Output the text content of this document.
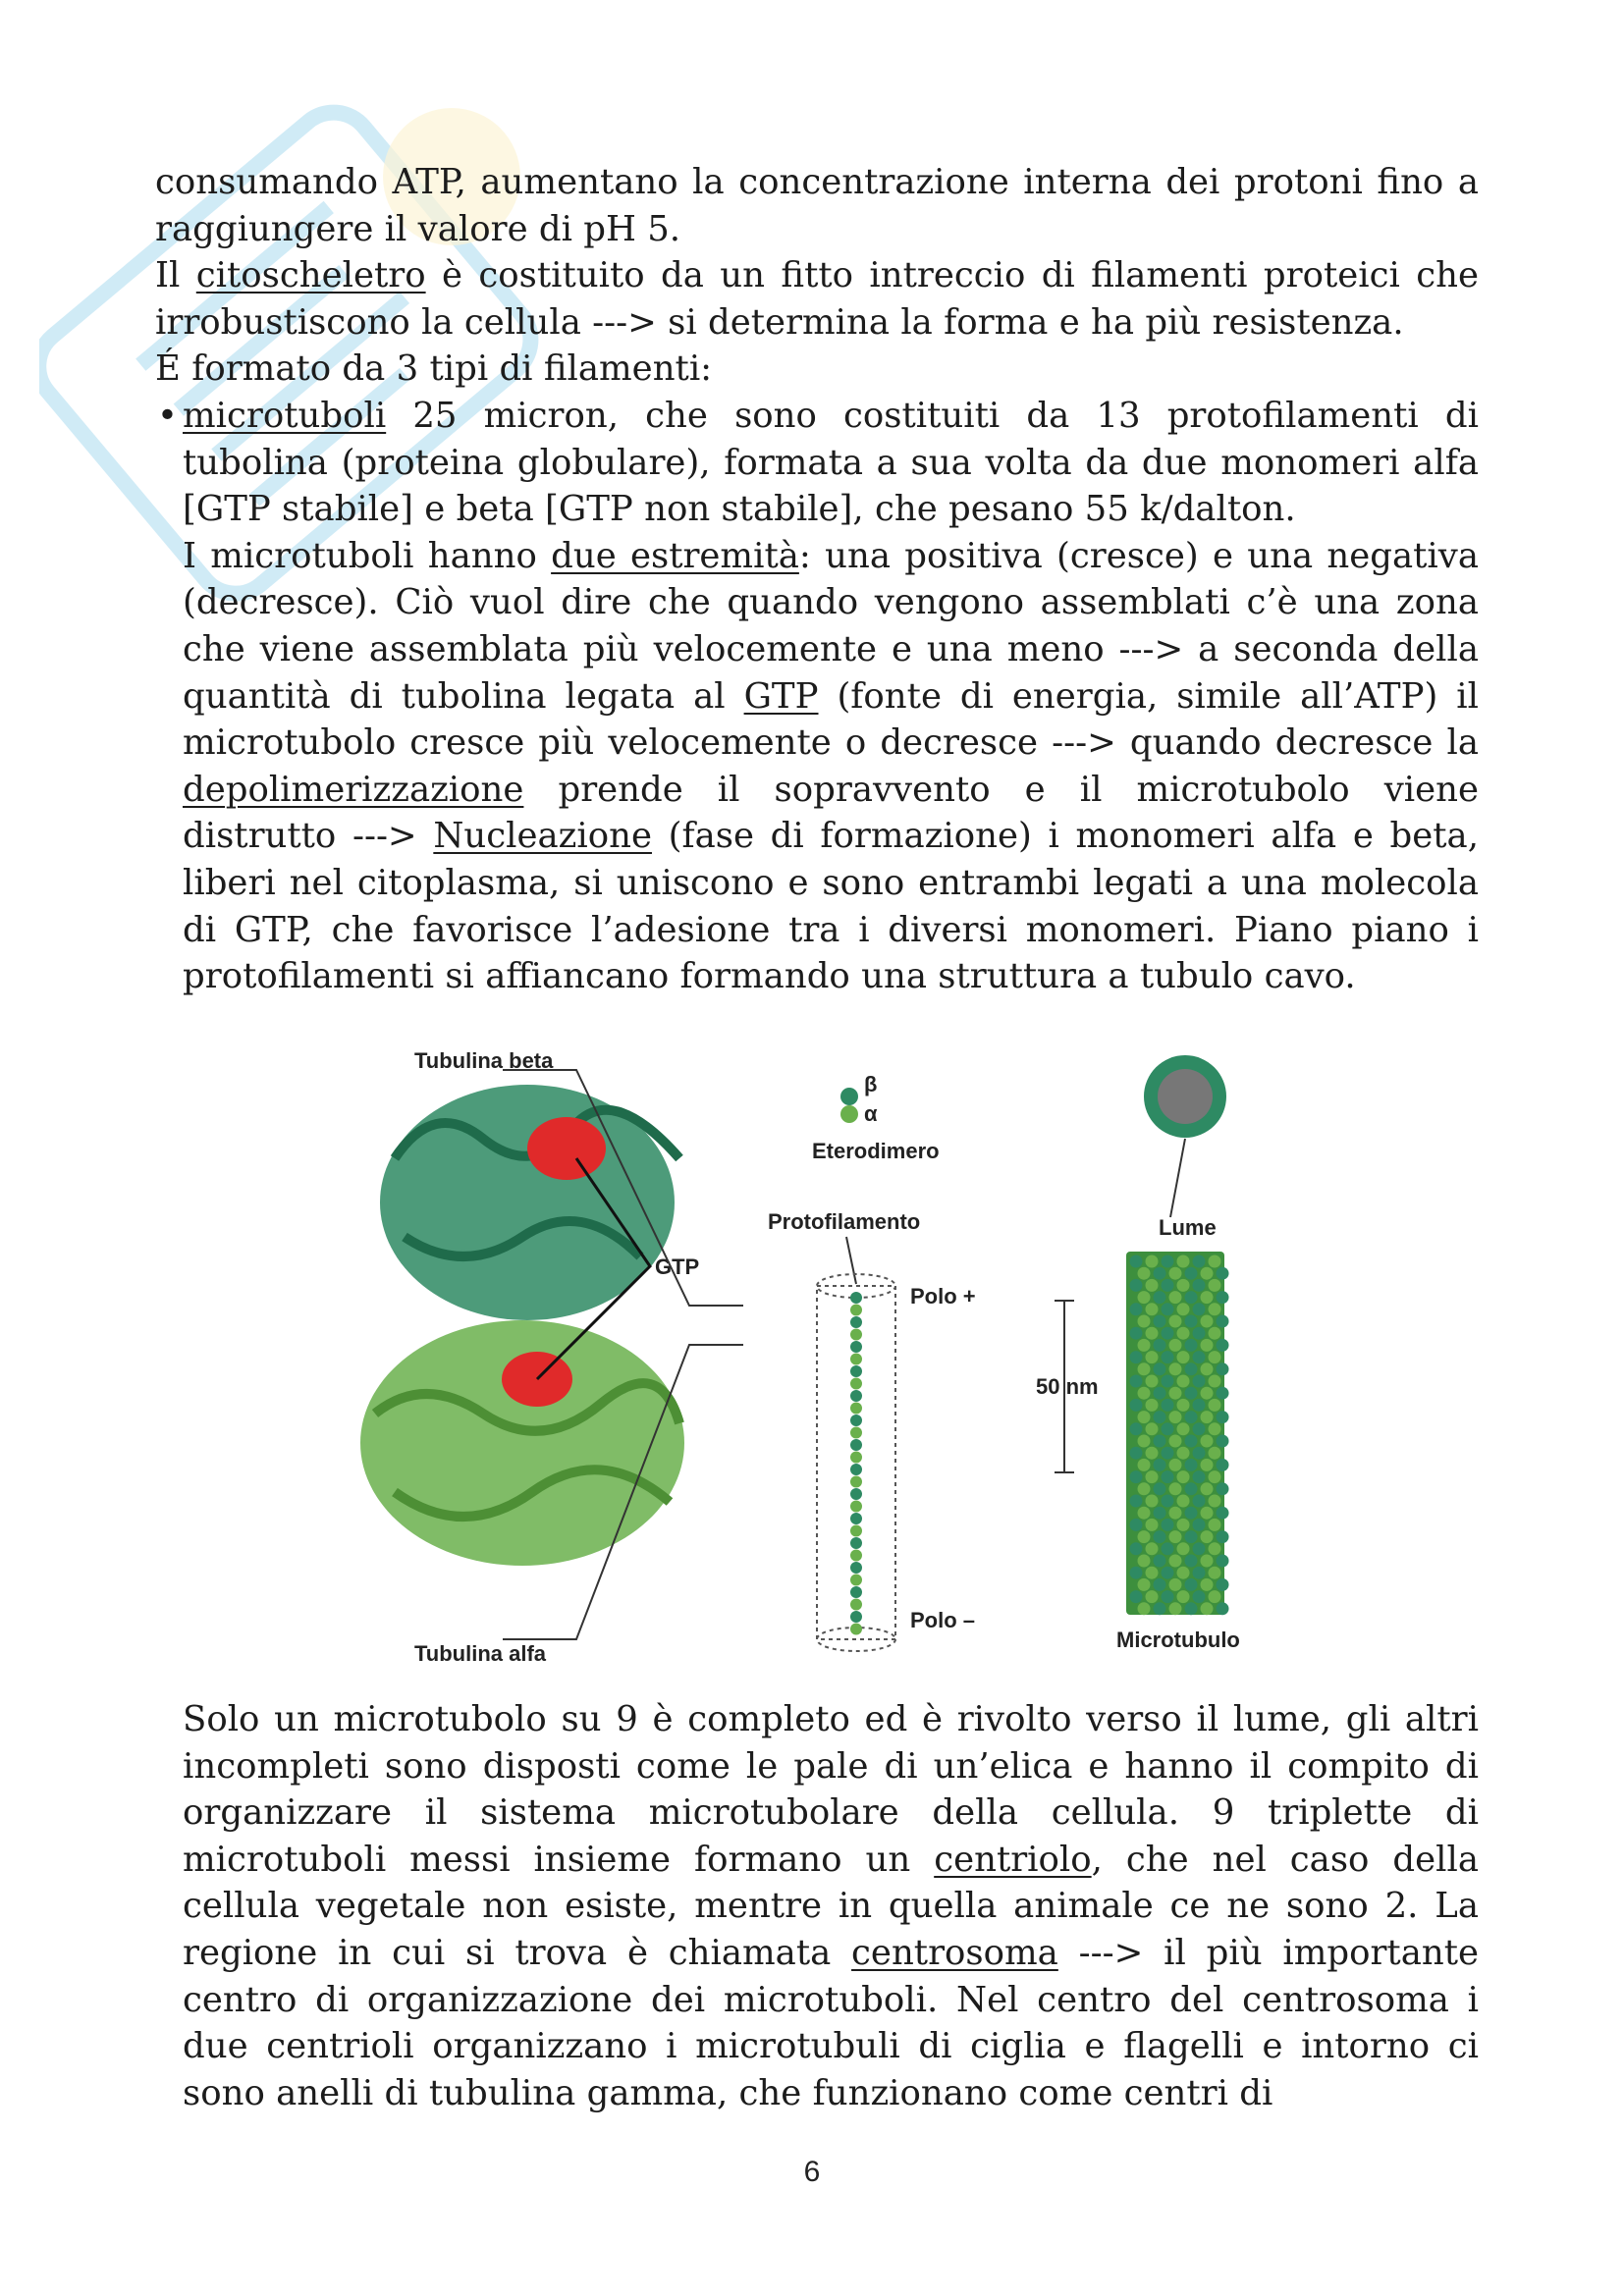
consumando ATP, aumentano la concentrazione interna dei protoni fino a raggiungere il valore di pH 5.

Il citoscheletro è costituito da un fitto intreccio di filamenti proteici che irrobustiscono la cellula ---> si determina la forma e ha più resistenza.

É formato da 3 tipi di filamenti:

• microtuboli 25 micron, che sono costituiti da 13 protofilamenti di tubolina (proteina globulare), formata a sua volta da due monomeri alfa [GTP stabile] e beta [GTP non stabile], che pesano 55 k/dalton.

I microtuboli hanno due estremità: una positiva (cresce) e una negativa (decresce). Ciò vuol dire che quando vengono assemblati c’è una zona che viene assemblata più velocemente e una meno ---> a seconda della quantità di tubolina legata al GTP (fonte di energia, simile all’ATP) il microtubolo cresce più velocemente o decresce ---> quando decresce la depolimerizzazione prende il sopravvento e il microtubolo viene distrutto ---> Nucleazione (fase di formazione) i monomeri alfa e beta, liberi nel citoplasma, si uniscono e sono entrambi legati a una molecola di GTP, che favorisce l’adesione tra i diversi monomeri. Piano piano i protofilamenti si affiancano formando una struttura a tubulo cavo.

Tubulina beta
Tubulina alfa
GTP
β
α
Eterodimero
Protofilamento
Polo +
Polo –
50 nm
Lume
Microtubulo

Solo un microtubolo su 9 è completo ed è rivolto verso il lume, gli altri incompleti sono disposti come le pale di un’elica e hanno il compito di organizzare il sistema microtubolare della cellula. 9 triplette di microtuboli messi insieme formano un centriolo, che nel caso della cellula vegetale non esiste, mentre in quella animale ce ne sono 2. La regione in cui si trova è chiamata centrosoma ---> il più importante centro di organizzazione dei microtuboli. Nel centro del centrosoma i due centrioli organizzano i microtubuli di ciglia e flagelli e intorno ci sono anelli di tubulina gamma, che funzionano come centri di

6
